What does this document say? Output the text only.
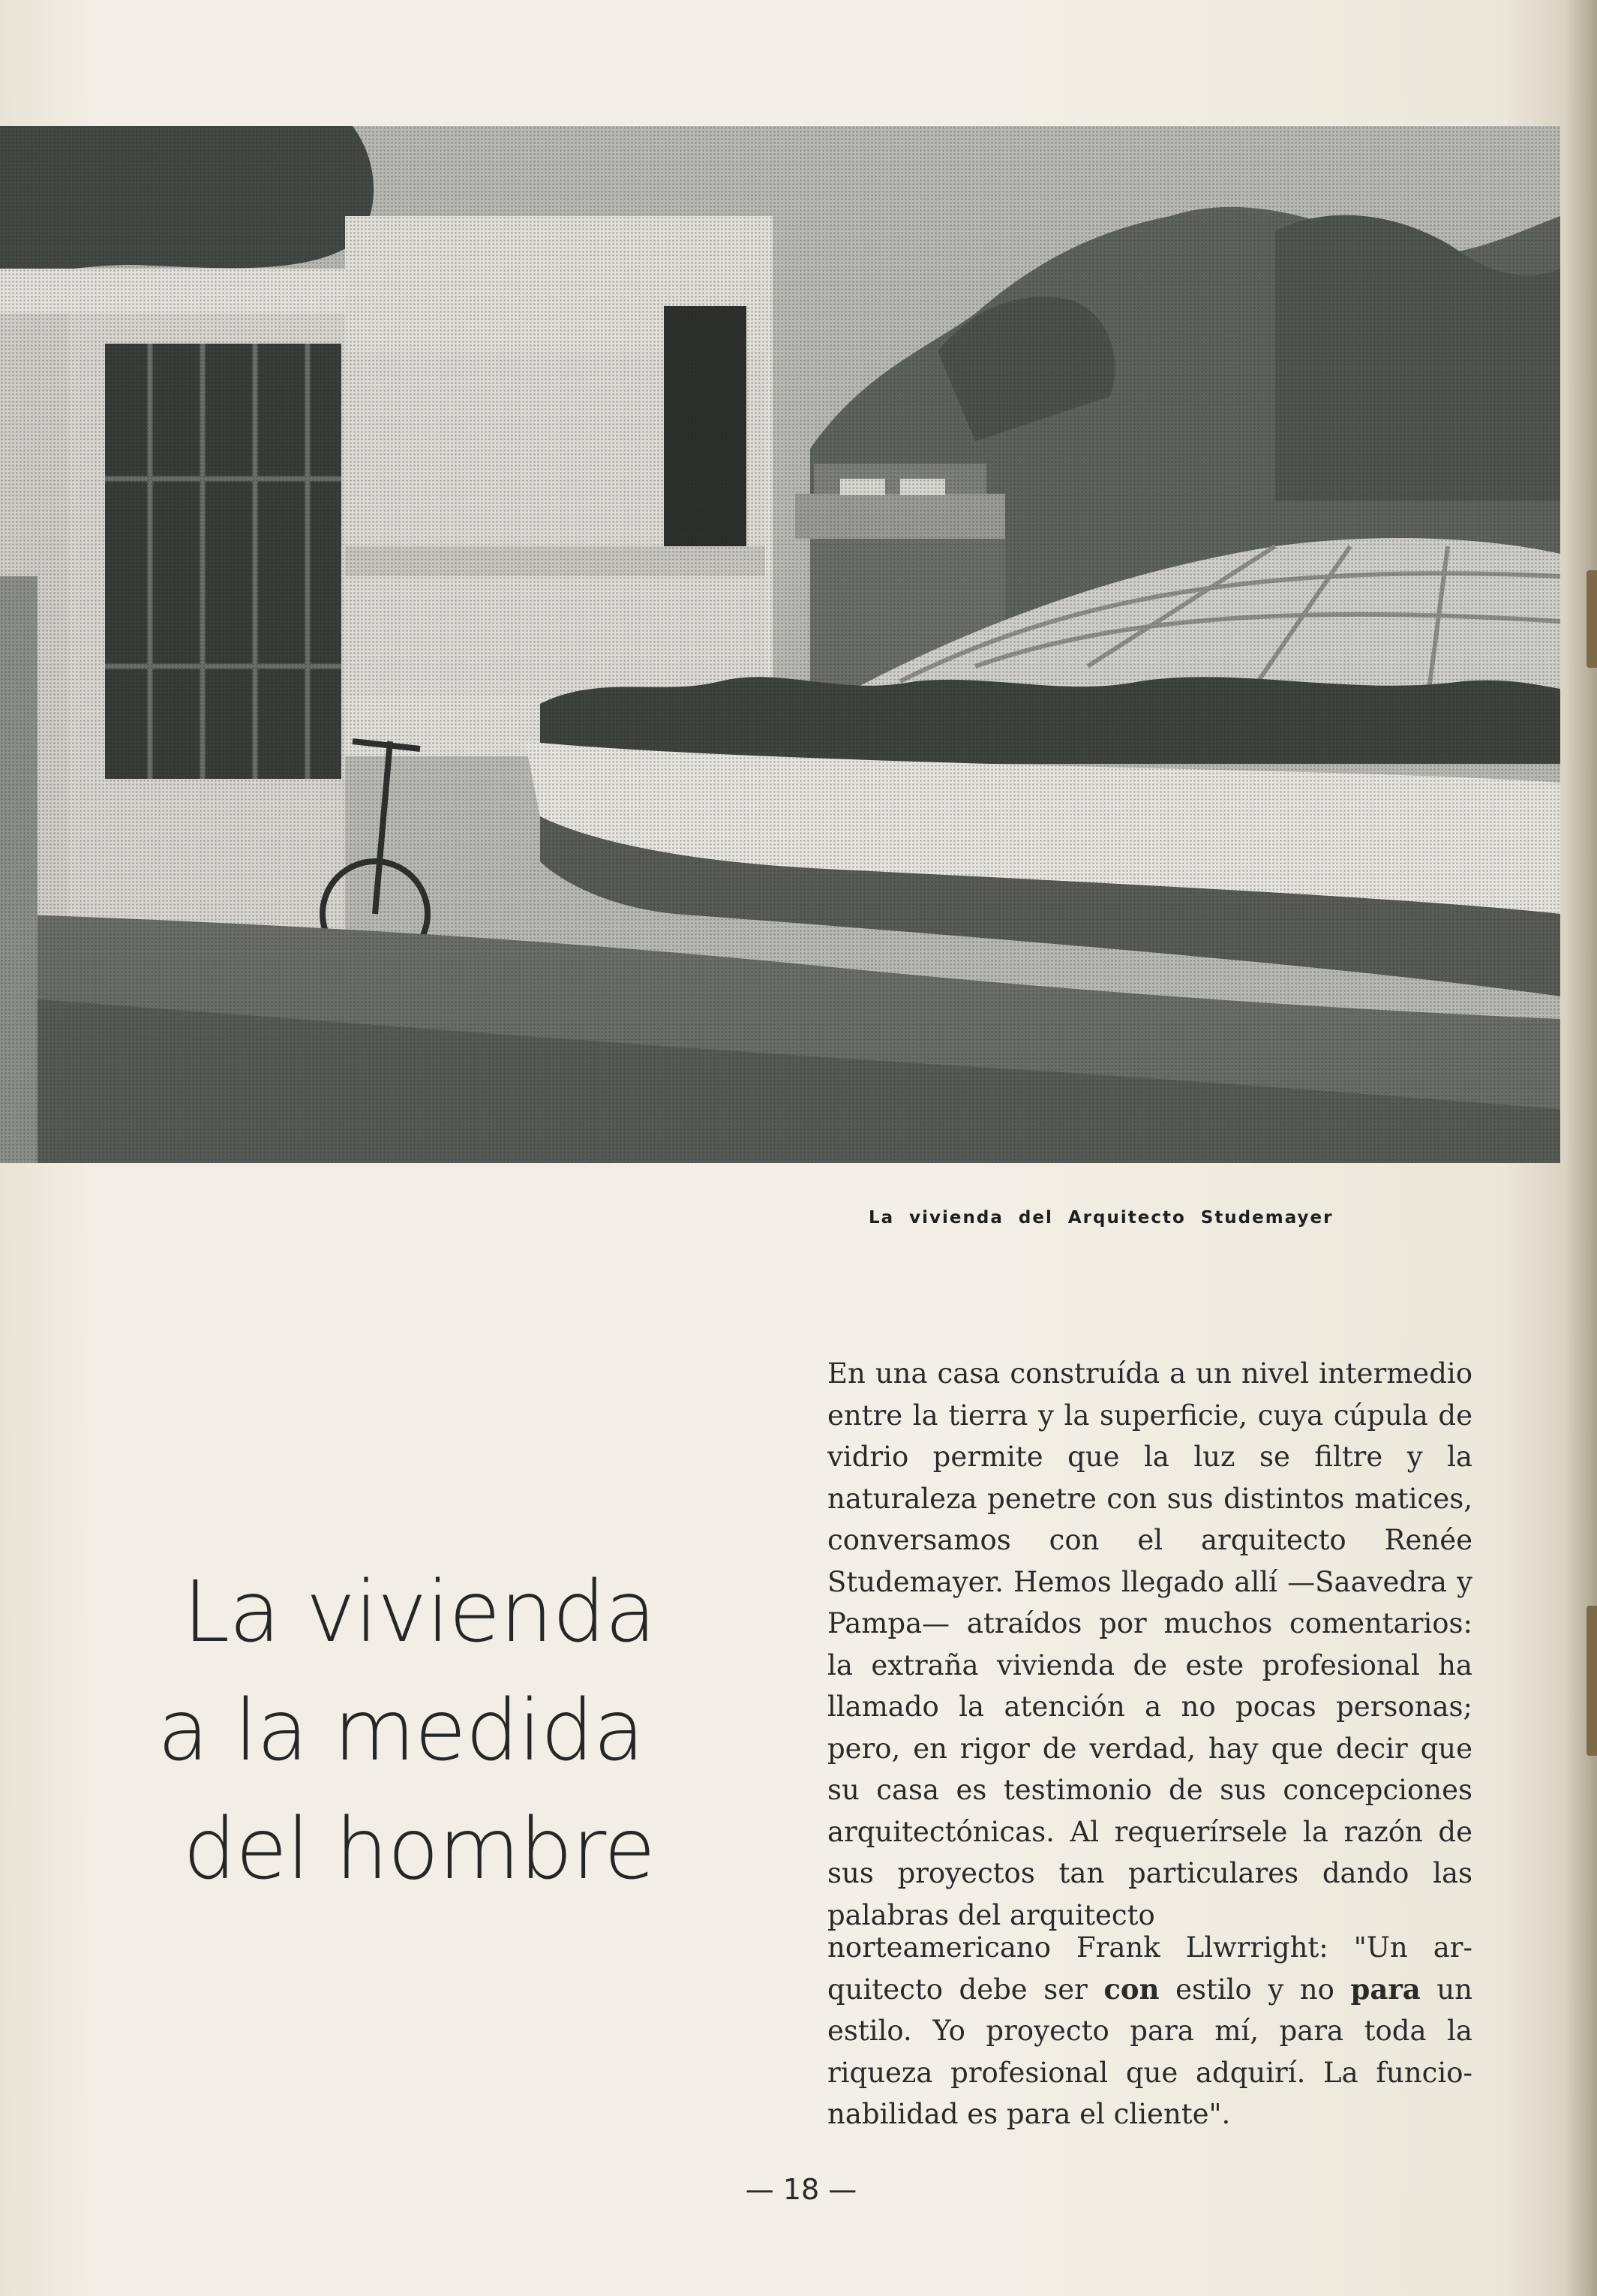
La vivienda del Arquitecto Studemayer
La vivienda
a la medida
del hombre
En una casa construída a un nivel intermedio entre la tierra y la superficie, cuya cúpula de vidrio permite que la luz se filtre y la naturaleza penetre con sus distintos matices, conversamos con el arquitecto Renée Studemayer. Hemos llegado allí —Saavedra y Pampa— atraídos por muchos comentarios: la extraña vivienda de este profesional ha llamado la atención a no pocas personas; pero, en rigor de verdad, hay que decir que su casa es testimonio de sus concepciones arquitectónicas. Al requerírsele la razón de sus proyectos tan particulares dando las palabras del arquitecto
norteamericano Frank Llwrright: "Un arquitecto debe ser con estilo y no para un estilo. Yo proyecto para mí, para toda la riqueza profesional que adquirí. La funcionabilidad es para el cliente".
— 18 —
